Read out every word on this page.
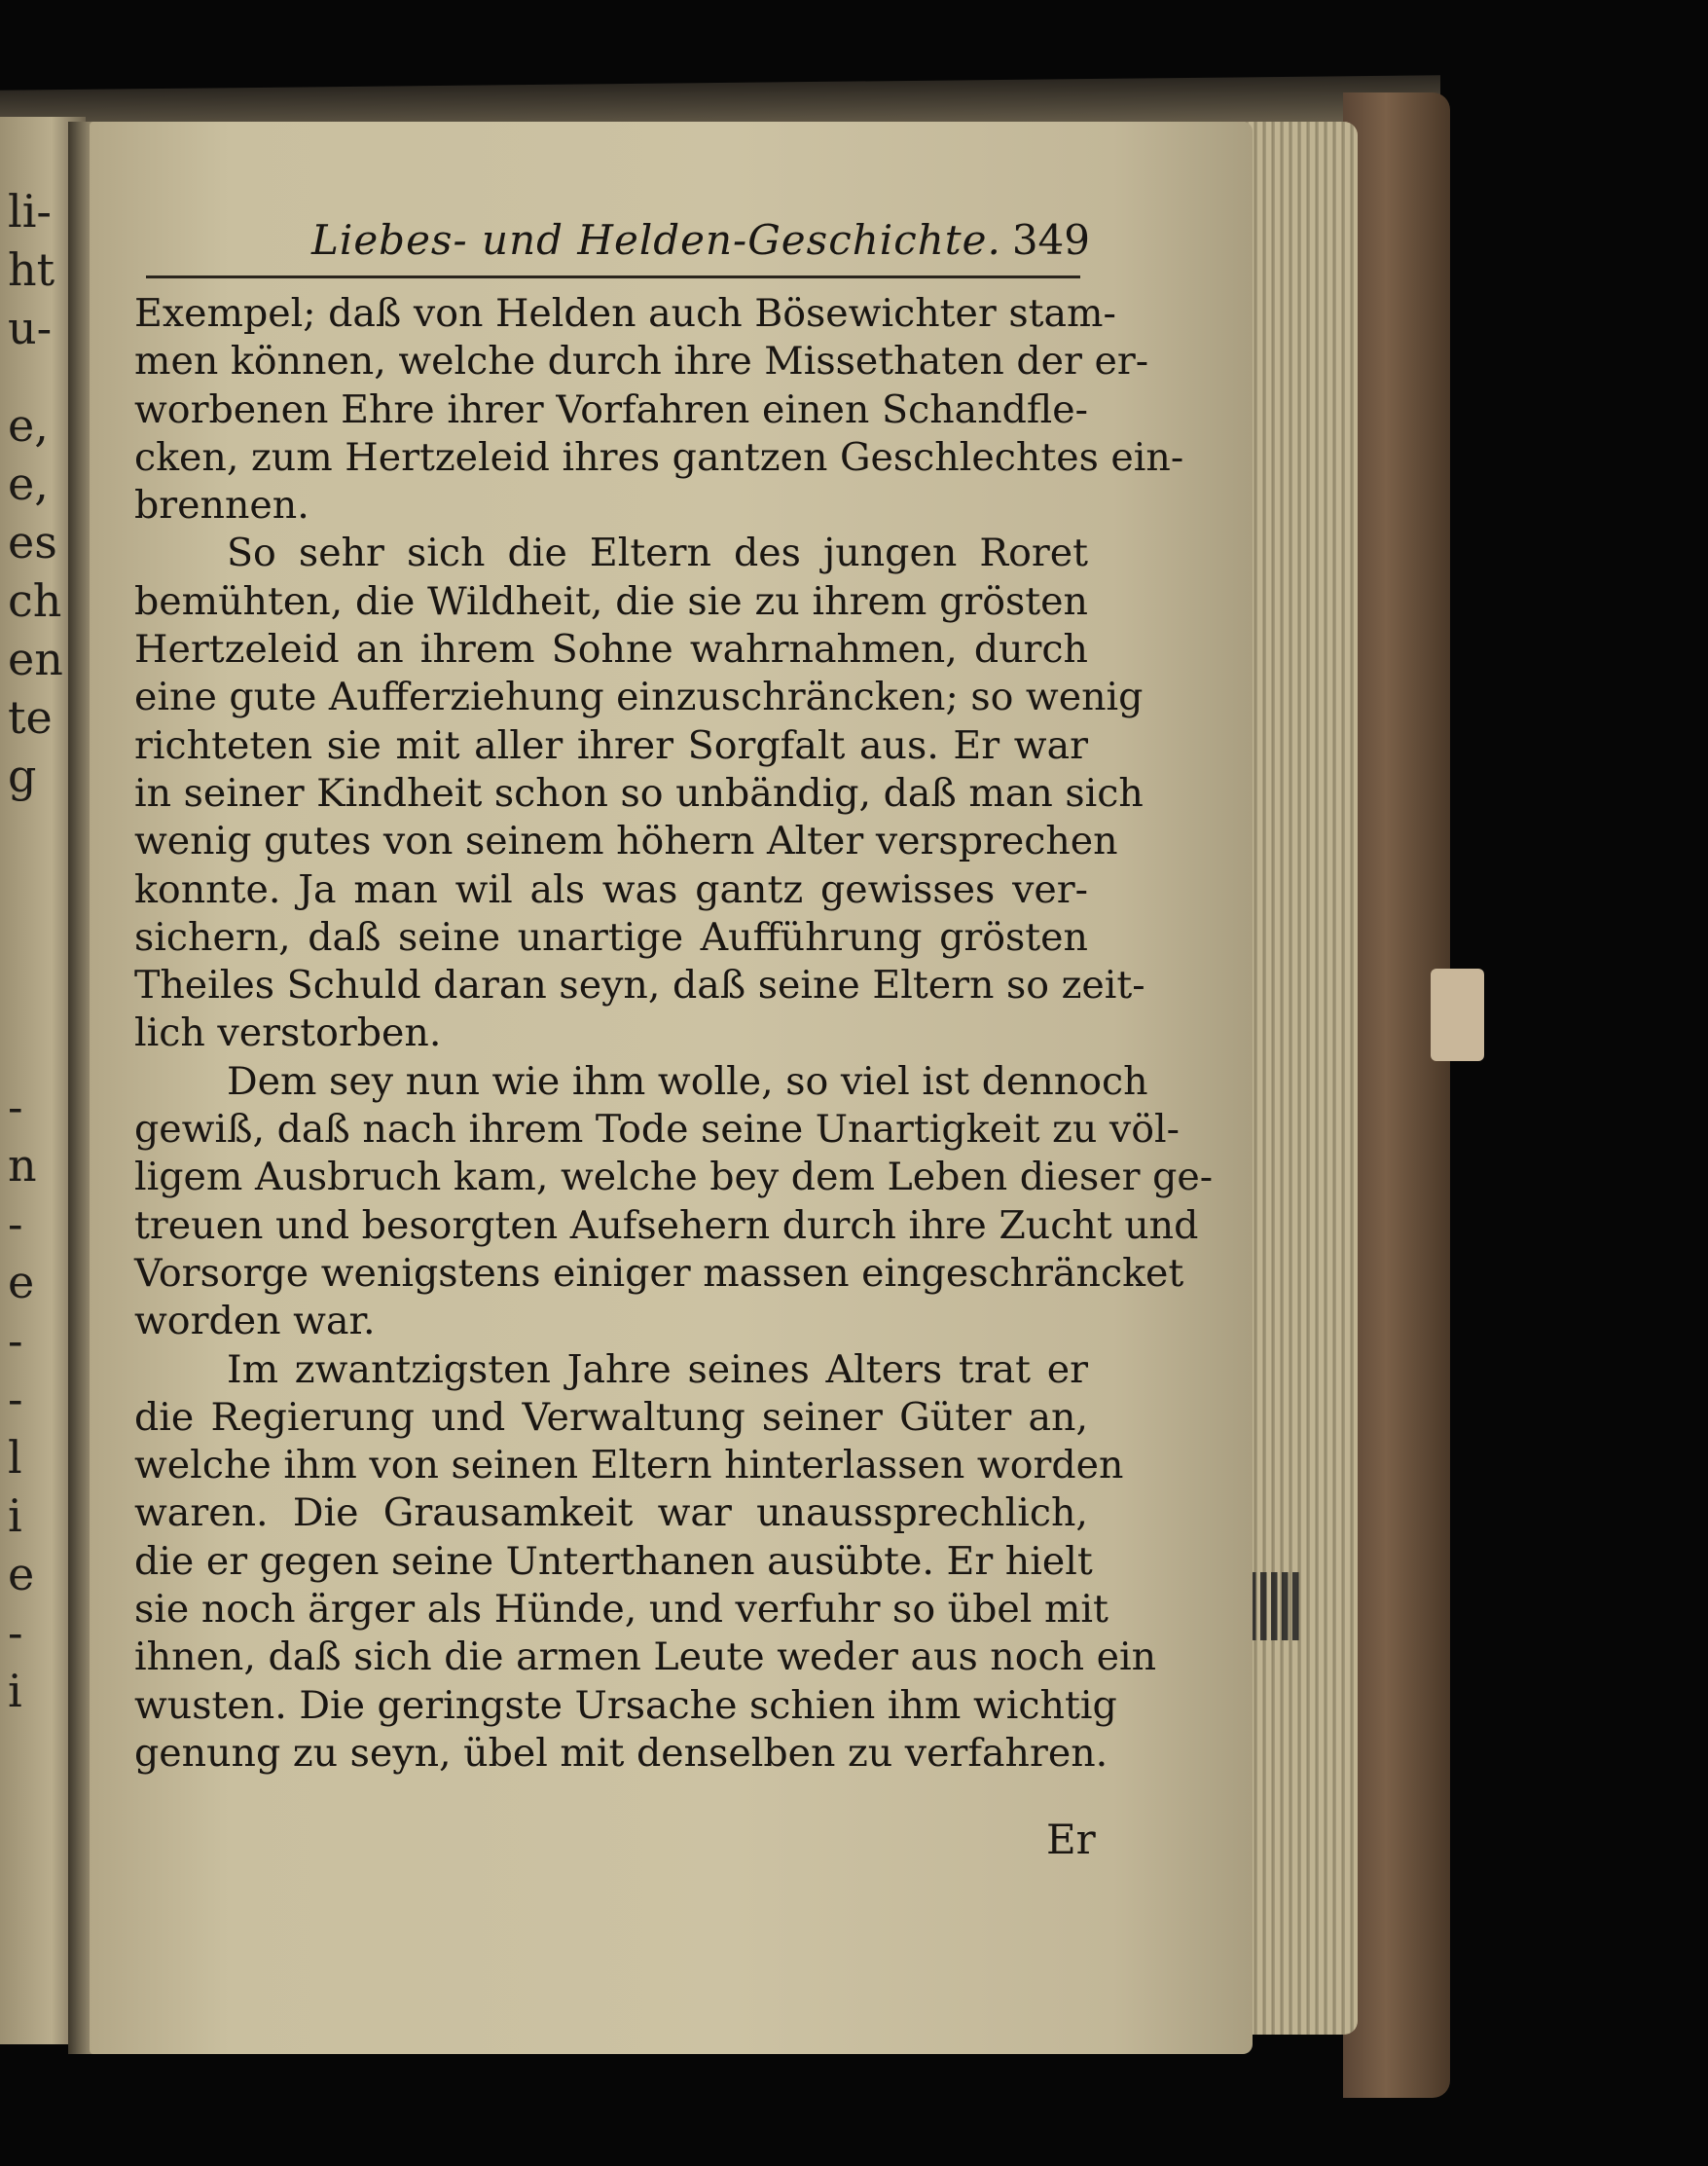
li-
ht
u-
e,
e,
es
ch
en
te
g
-
n
-
e
-
-
l
i
e
-
i
Liebes- und Helden-Geschichte. 349
Exempel; daß von Helden auch Bösewichter stam-
men können, welche durch ihre Missethaten der er-
worbenen Ehre ihrer Vorfahren einen Schandfle-
cken, zum Hertzeleid ihres gantzen Geschlechtes ein-
brennen.
So sehr sich die Eltern des jungen Roret
bemühten, die Wildheit, die sie zu ihrem grösten
Hertzeleid an ihrem Sohne wahrnahmen, durch
eine gute Aufferziehung einzuschräncken; so wenig
richteten sie mit aller ihrer Sorgfalt aus. Er war
in seiner Kindheit schon so unbändig, daß man sich
wenig gutes von seinem höhern Alter versprechen
konnte. Ja man wil als was gantz gewisses ver-
sichern, daß seine unartige Aufführung grösten
Theiles Schuld daran seyn, daß seine Eltern so zeit-
lich verstorben.
Dem sey nun wie ihm wolle, so viel ist dennoch
gewiß, daß nach ihrem Tode seine Unartigkeit zu völ-
ligem Ausbruch kam, welche bey dem Leben dieser ge-
treuen und besorgten Aufsehern durch ihre Zucht und
Vorsorge wenigstens einiger massen eingeschräncket
worden war.
Im zwantzigsten Jahre seines Alters trat er
die Regierung und Verwaltung seiner Güter an,
welche ihm von seinen Eltern hinterlassen worden
waren. Die Grausamkeit war unaussprechlich,
die er gegen seine Unterthanen ausübte. Er hielt
sie noch ärger als Hünde, und verfuhr so übel mit
ihnen, daß sich die armen Leute weder aus noch ein
wusten. Die geringste Ursache schien ihm wichtig
genung zu seyn, übel mit denselben zu verfahren.
Er
